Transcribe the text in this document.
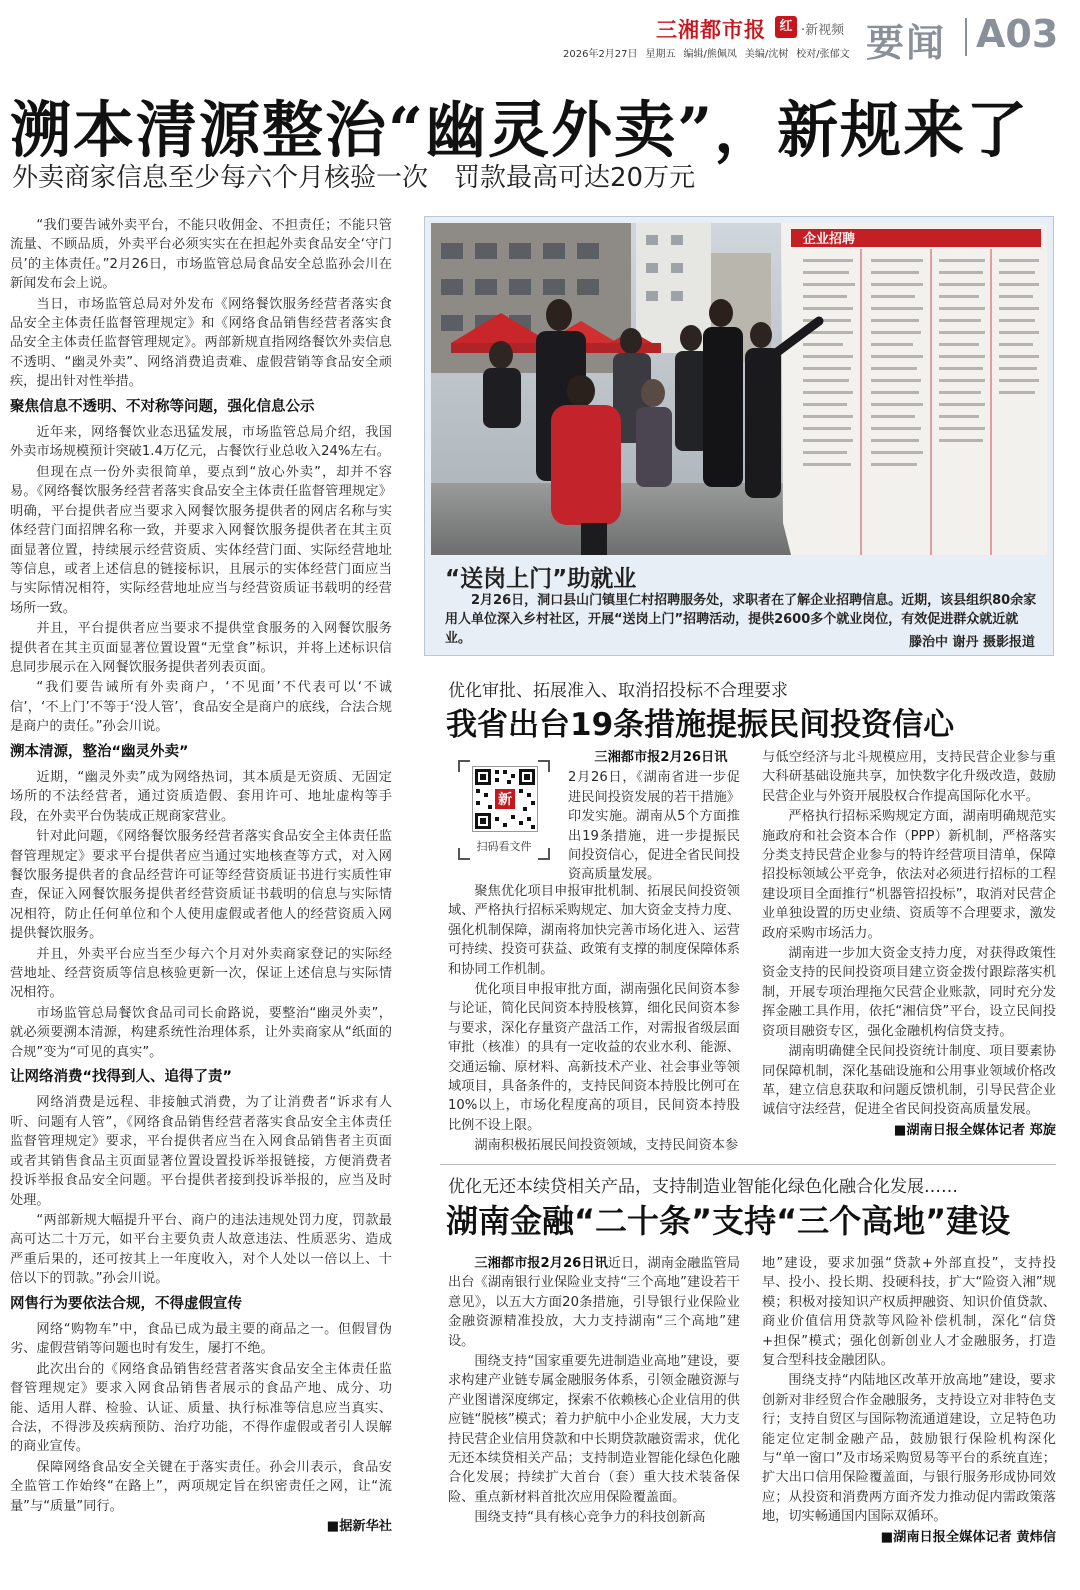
三湘都市报	红 ·新视频
2026年2月27日 星期五 编辑/熊佩凤 美编/沈树 校对/张郁文 要闻 A03
溯本清源整治“幽灵外卖”，新规来了
外卖商家信息至少每六个月核验一次　罚款最高可达20万元

“我们要告诫外卖平台，不能只收佣金、不担责任；不能只管流量、不顾品质，外卖平台必须实实在在担起外卖食品安全‘守门员’的主体责任。”2月26日，市场监管总局食品安全总监孙会川在新闻发布会上说。

当日，市场监管总局对外发布《网络餐饮服务经营者落实食品安全主体责任监督管理规定》和《网络食品销售经营者落实食品安全主体责任监督管理规定》。两部新规直指网络餐饮外卖信息不透明、“幽灵外卖”、网络消费追责难、虚假营销等食品安全顽疾，提出针对性举措。

聚焦信息不透明、不对称等问题，强化信息公示

近年来，网络餐饮业态迅猛发展，市场监管总局介绍，我国外卖市场规模预计突破1.4万亿元，占餐饮行业总收入24%左右。

但现在点一份外卖很简单，要点到“放心外卖”，却并不容易。《网络餐饮服务经营者落实食品安全主体责任监督管理规定》明确，平台提供者应当要求入网餐饮服务提供者的网店名称与实体经营门面招牌名称一致，并要求入网餐饮服务提供者在其主页面显著位置，持续展示经营资质、实体经营门面、实际经营地址等信息，或者上述信息的链接标识，且展示的实体经营门面应当与实际情况相符，实际经营地址应当与经营资质证书载明的经营场所一致。

并且，平台提供者应当要求不提供堂食服务的入网餐饮服务提供者在其主页面显著位置设置“无堂食”标识，并将上述标识信息同步展示在入网餐饮服务提供者列表页面。

“我们要告诫所有外卖商户，‘不见面’不代表可以‘不诚信’，‘不上门’不等于‘没人管’，食品安全是商户的底线，合法合规是商户的责任。”孙会川说。

溯本清源，整治“幽灵外卖”

近期，“幽灵外卖”成为网络热词，其本质是无资质、无固定场所的不法经营者，通过资质造假、套用许可、地址虚构等手段，在外卖平台伪装成正规商家营业。

针对此问题，《网络餐饮服务经营者落实食品安全主体责任监督管理规定》要求平台提供者应当通过实地核查等方式，对入网餐饮服务提供者的食品经营许可证等经营资质证书进行实质性审查，保证入网餐饮服务提供者经营资质证书载明的信息与实际情况相符，防止任何单位和个人使用虚假或者他人的经营资质入网提供餐饮服务。

并且，外卖平台应当至少每六个月对外卖商家登记的实际经营地址、经营资质等信息核验更新一次，保证上述信息与实际情况相符。

市场监管总局餐饮食品司司长俞路说，要整治“幽灵外卖”，就必须要溯本清源，构建系统性治理体系，让外卖商家从“纸面的合规”变为“可见的真实”。

让网络消费“找得到人、追得了责”

网络消费是远程、非接触式消费，为了让消费者“诉求有人听、问题有人管”，《网络食品销售经营者落实食品安全主体责任监督管理规定》要求，平台提供者应当在入网食品销售者主页面或者其销售食品主页面显著位置设置投诉举报链接，方便消费者投诉举报食品安全问题。平台提供者接到投诉举报的，应当及时处理。

“两部新规大幅提升平台、商户的违法违规处罚力度，罚款最高可达二十万元，如平台主要负责人故意违法、性质恶劣、造成严重后果的，还可按其上一年度收入，对个人处以一倍以上、十倍以下的罚款。”孙会川说。

网售行为要依法合规，不得虚假宣传

网络“购物车”中，食品已成为最主要的商品之一。但假冒伪劣、虚假营销等问题也时有发生，屡打不绝。

此次出台的《网络食品销售经营者落实食品安全主体责任监督管理规定》要求入网食品销售者展示的食品产地、成分、功能、适用人群、检验、认证、质量、执行标准等信息应当真实、合法，不得涉及疾病预防、治疗功能，不得作虚假或者引人误解的商业宣传。

保障网络食品安全关键在于落实责任。孙会川表示，食品安全监管工作始终“在路上”，两项规定旨在织密责任之网，让“流量”与“质量”同行。

■据新华社
企业招聘
“送岗上门”助就业
2月26日，洞口县山门镇里仁村招聘服务处，求职者在了解企业招聘信息。近期，该县组织80余家用人单位深入乡村社区，开展“送岗上门”招聘活动，提供2600多个就业岗位，有效促进群众就近就业。	滕治中 谢丹 摄影报道
优化审批、拓展准入、取消招投标不合理要求
我省出台19条措施提振民间投资信心
新
扫码看文件

三湘都市报2月26日讯

2月26日，《湖南省进一步促进民间投资发展的若干措施》印发实施。湖南从5个方面推出19条措施，进一步提振民间投资信心，促进全省民间投资高质量发展。

聚焦优化项目申报审批机制、拓展民间投资领域、严格执行招标采购规定、加大资金支持力度、强化机制保障，湖南将加快完善市场化进入、运营可持续、投资可获益、政策有支撑的制度保障体系和协同工作机制。

优化项目申报审批方面，湖南强化民间资本参与论证，简化民间资本持股核算，细化民间资本参与要求，深化存量资产盘活工作，对需报省级层面审批（核准）的具有一定收益的农业水利、能源、交通运输、原材料、高新技术产业、社会事业等领域项目，具备条件的，支持民间资本持股比例可在10%以上，市场化程度高的项目，民间资本持股比例不设上限。

湖南积极拓展民间投资领域，支持民间资本参

与低空经济与北斗规模应用，支持民营企业参与重大科研基础设施共享，加快数字化升级改造，鼓励民营企业与外资开展股权合作提高国际化水平。

严格执行招标采购规定方面，湖南明确规范实施政府和社会资本合作（PPP）新机制，严格落实分类支持民营企业参与的特许经营项目清单，保障招投标领域公平竞争，依法对必须进行招标的工程建设项目全面推行“机器管招投标”，取消对民营企业单独设置的历史业绩、资质等不合理要求，激发政府采购市场活力。

湖南进一步加大资金支持力度，对获得政策性资金支持的民间投资项目建立资金拨付跟踪落实机制，开展专项治理拖欠民营企业账款，同时充分发挥金融工具作用，依托“湘信贷”平台，设立民间投资项目融资专区，强化金融机构信贷支持。

湖南明确健全民间投资统计制度、项目要素协同保障机制，深化基础设施和公用事业领域价格改革，建立信息获取和问题反馈机制，引导民营企业诚信守法经营，促进全省民间投资高质量发展。

■湖南日报全媒体记者 郑旋
优化无还本续贷相关产品，支持制造业智能化绿色化融合化发展……
湖南金融“二十条”支持“三个高地”建设

三湘都市报2月26日讯近日，湖南金融监管局出台《湖南银行业保险业支持“三个高地”建设若干意见》，以五大方面20条措施，引导银行业保险业金融资源精准投放，大力支持湖南“三个高地”建设。

围绕支持“国家重要先进制造业高地”建设，要求构建产业链专属金融服务体系，引领金融资源与产业图谱深度绑定，探索不依赖核心企业信用的供应链“脱核”模式；着力护航中小企业发展，大力支持民营企业信用贷款和中长期贷款融资需求，优化无还本续贷相关产品；支持制造业智能化绿色化融合化发展；持续扩大首台（套）重大技术装备保险、重点新材料首批次应用保险覆盖面。

围绕支持“具有核心竞争力的科技创新高

地”建设，要求加强“贷款+外部直投”，支持投早、投小、投长期、投硬科技，扩大“险资入湘”规模；积极对接知识产权质押融资、知识价值贷款、商业价值信用贷款等风险补偿机制，深化“信贷+担保”模式；强化创新创业人才金融服务，打造复合型科技金融团队。

围绕支持“内陆地区改革开放高地”建设，要求创新对非经贸合作金融服务，支持设立对非特色支行；支持自贸区与国际物流通道建设，立足特色功能定位定制金融产品，鼓励银行保险机构深化与“单一窗口”及市场采购贸易等平台的系统直连；扩大出口信用保险覆盖面，与银行服务形成协同效应；从投资和消费两方面齐发力推动促内需政策落地，切实畅通国内国际双循环。

■湖南日报全媒体记者 黄炜信
